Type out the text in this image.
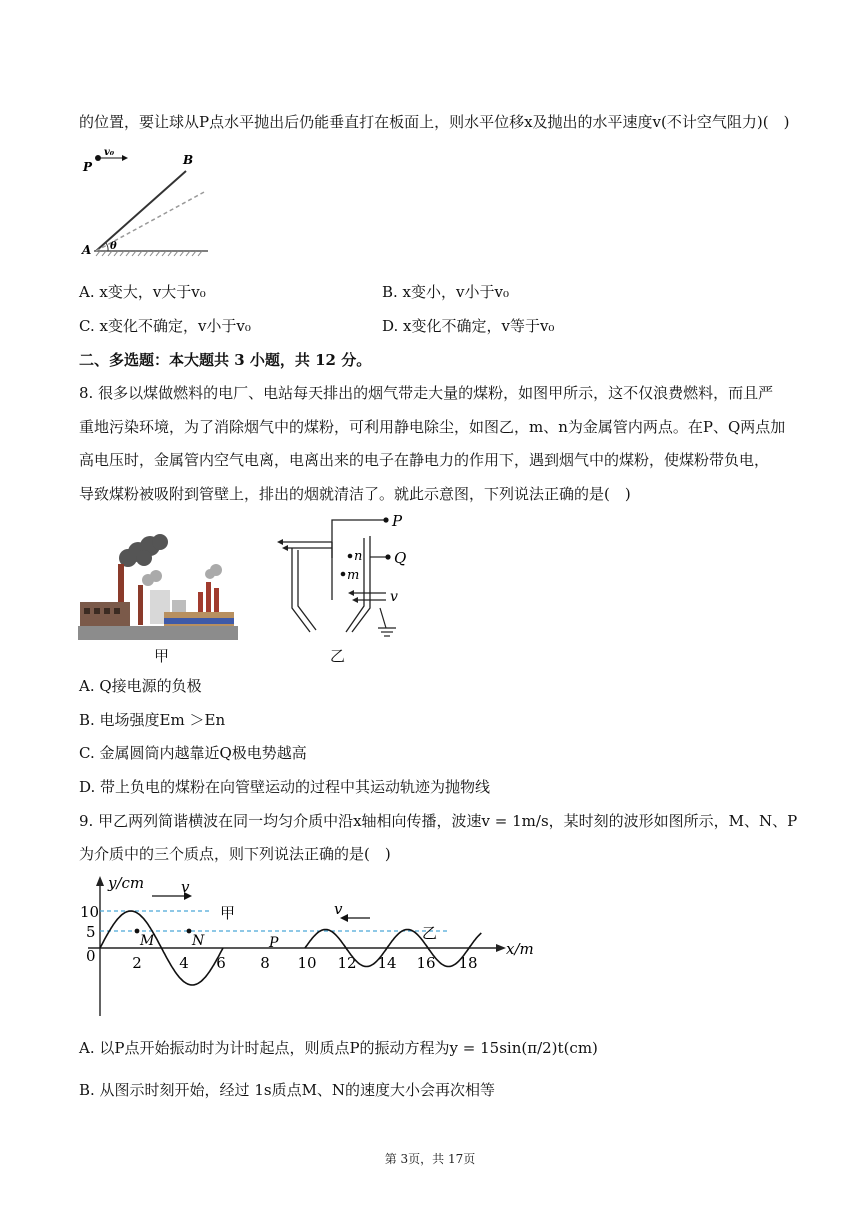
的位置，要让球从P点水平抛出后仍能垂直打在板面上，则水平位移x及抛出的水平速度v(不计空气阻力)(　)
P
v₀
B
A θ
A. x变大，v大于v₀	B. x变小，v小于v₀
C. x变化不确定，v小于v₀	D. x变化不确定，v等于v₀
二、多选题：本大题共 3 小题，共 12 分。
8. 很多以煤做燃料的电厂、电站每天排出的烟气带走大量的煤粉，如图甲所示，这不仅浪费燃料，而且严
重地污染环境，为了消除烟气中的煤粉，可利用静电除尘，如图乙，m、n为金属管内两点。在P、Q两点加
高电压时，金属管内空气电离，电离出来的电子在静电力的作用下，遇到烟气中的煤粉，使煤粉带负电，
导致煤粉被吸附到管壁上，排出的烟就清洁了。就此示意图，下列说法正确的是(　)
甲
P
Q
n
m
v
乙
A. Q接电源的负极
B. 电场强度Em ＞En
C. 金属圆筒内越靠近Q极电势越高
D. 带上负电的煤粉在向管壁运动的过程中其运动轨迹为抛物线
9. 甲乙两列简谐横波在同一均匀介质中沿x轴相向传播，波速v = 1m/s，某时刻的波形如图所示，M、N、P
为介质中的三个质点，则下列说法正确的是(　)
y/cm
x/m
10
5
0 2 4 6 8 10 12 14 16 18
v
v
甲
乙
M	N	P
A. 以P点开始振动时为计时起点，则质点P的振动方程为y = 15sin(π/2)t(cm)
B. 从图示时刻开始，经过 1s质点M、N的速度大小会再次相等
第 3页，共 17页
